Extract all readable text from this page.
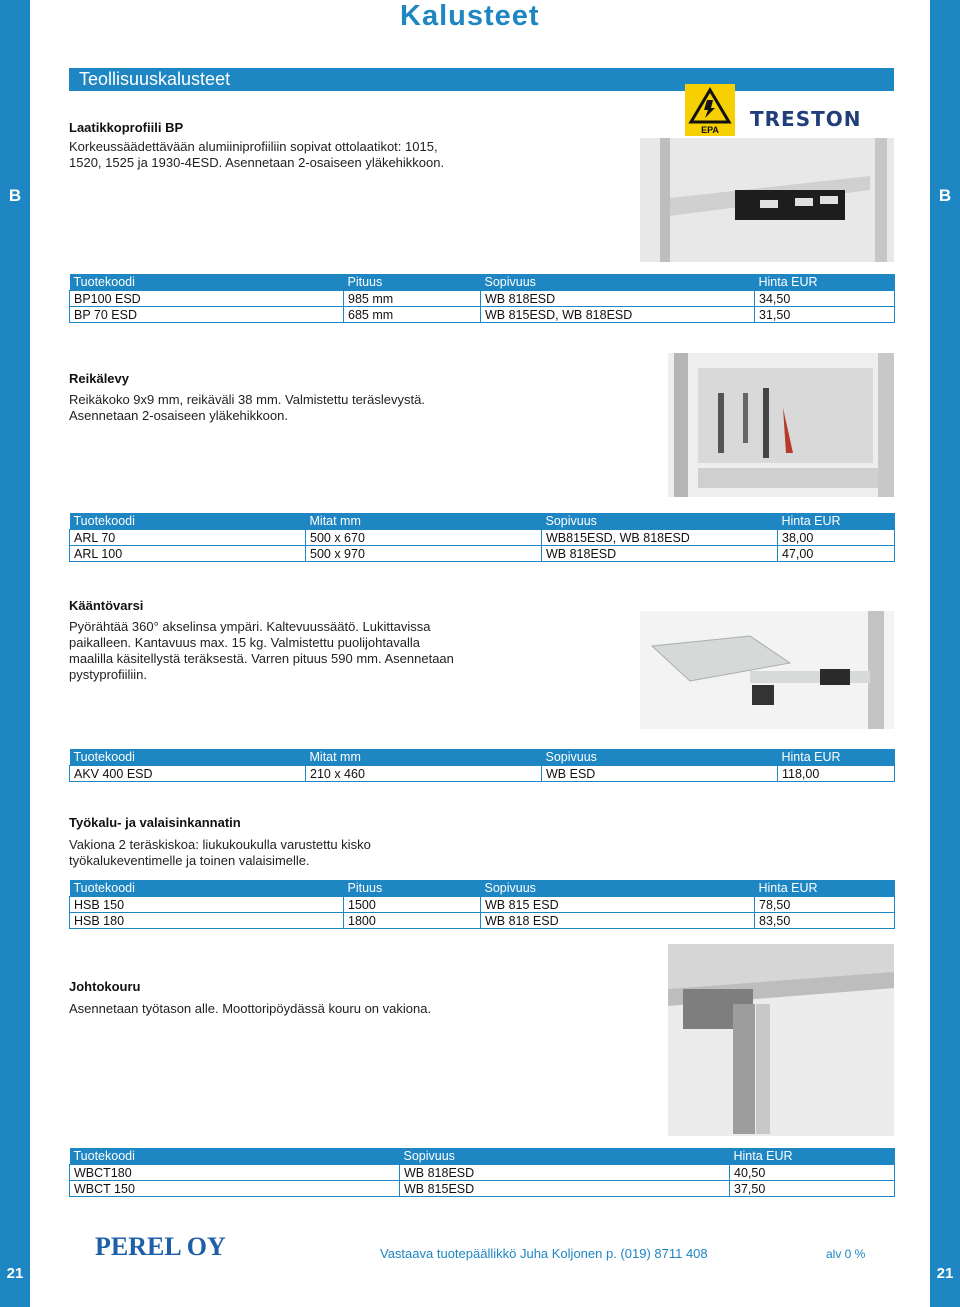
B
21
B
21
Kalusteet
Teollisuuskalusteet
EPA TRESTON
Laatikkoprofiili BP
Korkeussäädettävään alumiiniprofiiliin sopivat ottolaatikot: 1015,
1520, 1525 ja 1930-4ESD. Asennetaan 2-osaiseen yläkehikkoon.
Tuotekoodi	Pituus	Sopivuus	Hinta EUR
BP100 ESD	985 mm	WB 818ESD	34,50
BP 70 ESD	685 mm	WB 815ESD, WB 818ESD	31,50
Reikälevy
Reikäkoko 9x9 mm, reikäväli 38 mm. Valmistettu teräslevystä.
Asennetaan 2-osaiseen yläkehikkoon.
Tuotekoodi	Mitat mm	Sopivuus	Hinta EUR
ARL 70	500 x 670	WB815ESD, WB 818ESD	38,00
ARL 100	500 x 970	WB 818ESD	47,00
Kääntövarsi
Pyörähtää 360° akselinsa ympäri. Kaltevuussäätö. Lukittavissa
paikalleen. Kantavuus max. 15 kg. Valmistettu puolijohtavalla
maalilla käsitellystä teräksestä. Varren pituus 590 mm. Asennetaan
pystyprofiiliin.
Tuotekoodi	Mitat mm	Sopivuus	Hinta EUR
AKV 400 ESD	210 x 460	WB ESD	118,00
Työkalu- ja valaisinkannatin
Vakiona 2 teräskiskoa: liukukoukulla varustettu kisko
työkalukeventimelle ja toinen valaisimelle.
Tuotekoodi	Pituus	Sopivuus	Hinta EUR
HSB 150	1500	WB 815 ESD	78,50
HSB 180	1800	WB 818 ESD	83,50
Johtokouru
Asennetaan työtason alle. Moottoripöydässä kouru on vakiona.
Tuotekoodi	Sopivuus	Hinta EUR
WBCT180	WB 818ESD	40,50
WBCT 150	WB 815ESD	37,50
PEREL OY	Vastaava tuotepäällikkö Juha Koljonen p. (019) 8711 408	alv 0 %
